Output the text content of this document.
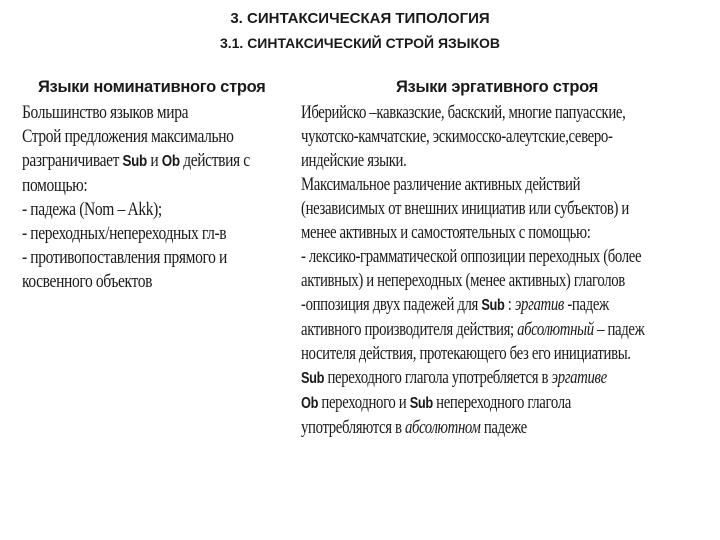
3. СИНТАКСИЧЕСКАЯ ТИПОЛОГИЯ
3.1. СИНТАКСИЧЕСКИЙ СТРОЙ ЯЗЫКОВ
Языки номинативного строя
Большинство языков мира
Строй предложения максимально
разграничивает Sub и Ob действия с
помощью:
- падежа (Nom – Akk);
- переходных/непереходных гл-в
- противопоставления прямого и
косвенного объектов
Языки эргативного строя
Иберийско –кавказские, баскский, многие папуасские,
чукотско-камчатские, эскимосско-алеутские,северо-
индейские языки.
Максимальное различение активных действий
(независимых от внешних инициатив или субъектов) и
менее активных и самостоятельных с помощью:
- лексико-грамматической оппозиции переходных (более
активных) и непереходных (менее активных) глаголов
-оппозиция двух падежей для Sub : эргатив -падеж
активного производителя действия; абсолютный – падеж
носителя действия, протекающего без его инициативы.
Sub переходного глагола употребляется в эргативе
Ob переходного и Sub непереходного глагола
употребляются в абсолютном падеже
